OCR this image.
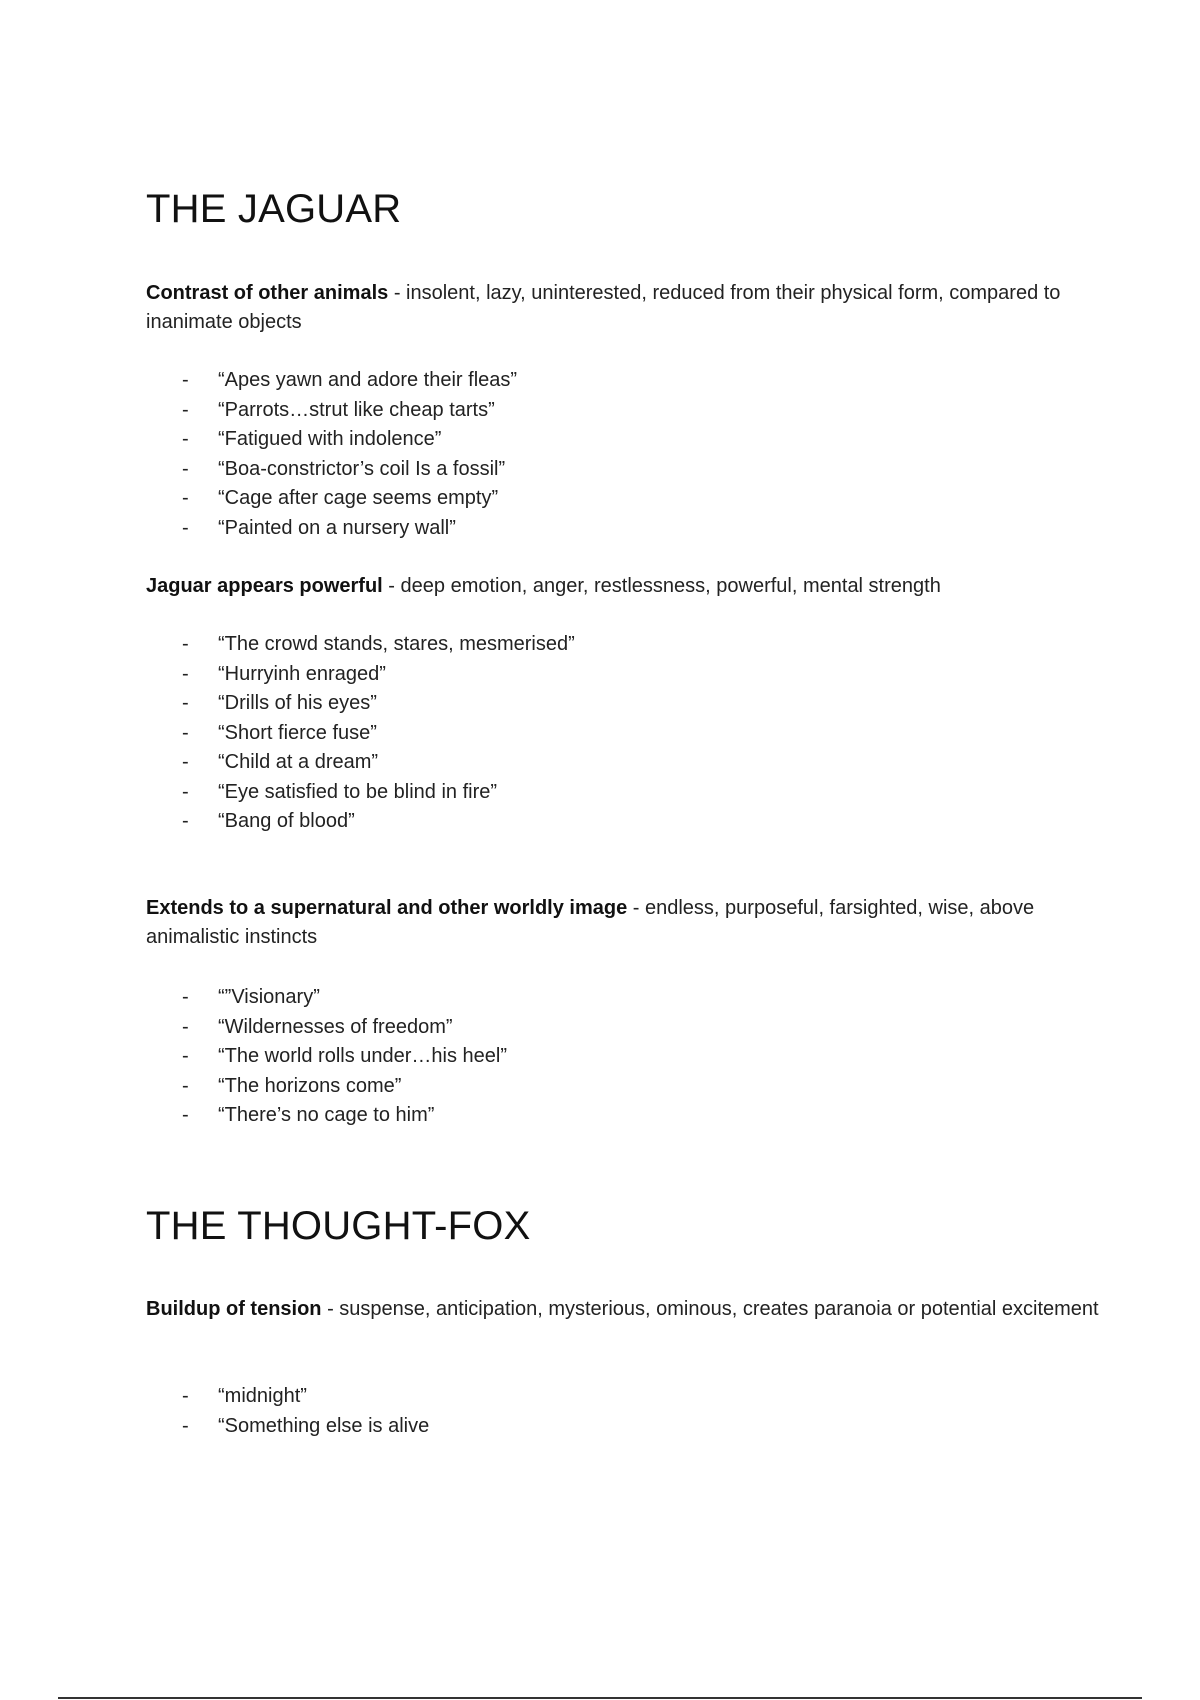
THE JAGUAR
Contrast of other animals - insolent, lazy, uninterested, reduced from their physical form, compared to inanimate objects
- “Apes yawn and adore their fleas”
- “Parrots…strut like cheap tarts”
- “Fatigued with indolence”
- “Boa-constrictor’s coil Is a fossil”
- “Cage after cage seems empty”
- “Painted on a nursery wall”
Jaguar appears powerful - deep emotion, anger, restlessness, powerful, mental strength
- “The crowd stands, stares, mesmerised”
- “Hurryinh enraged”
- “Drills of his eyes”
- “Short fierce fuse”
- “Child at a dream”
- “Eye satisfied to be blind in fire”
- “Bang of blood”
Extends to a supernatural and other worldly image - endless, purposeful, farsighted, wise, above animalistic instincts
- “”Visionary”
- “Wildernesses of freedom”
- “The world rolls under…his heel”
- “The horizons come”
- “There’s no cage to him”
THE THOUGHT-FOX
Buildup of tension - suspense, anticipation, mysterious, ominous, creates paranoia or potential excitement
- “midnight”
- “Something else is alive
